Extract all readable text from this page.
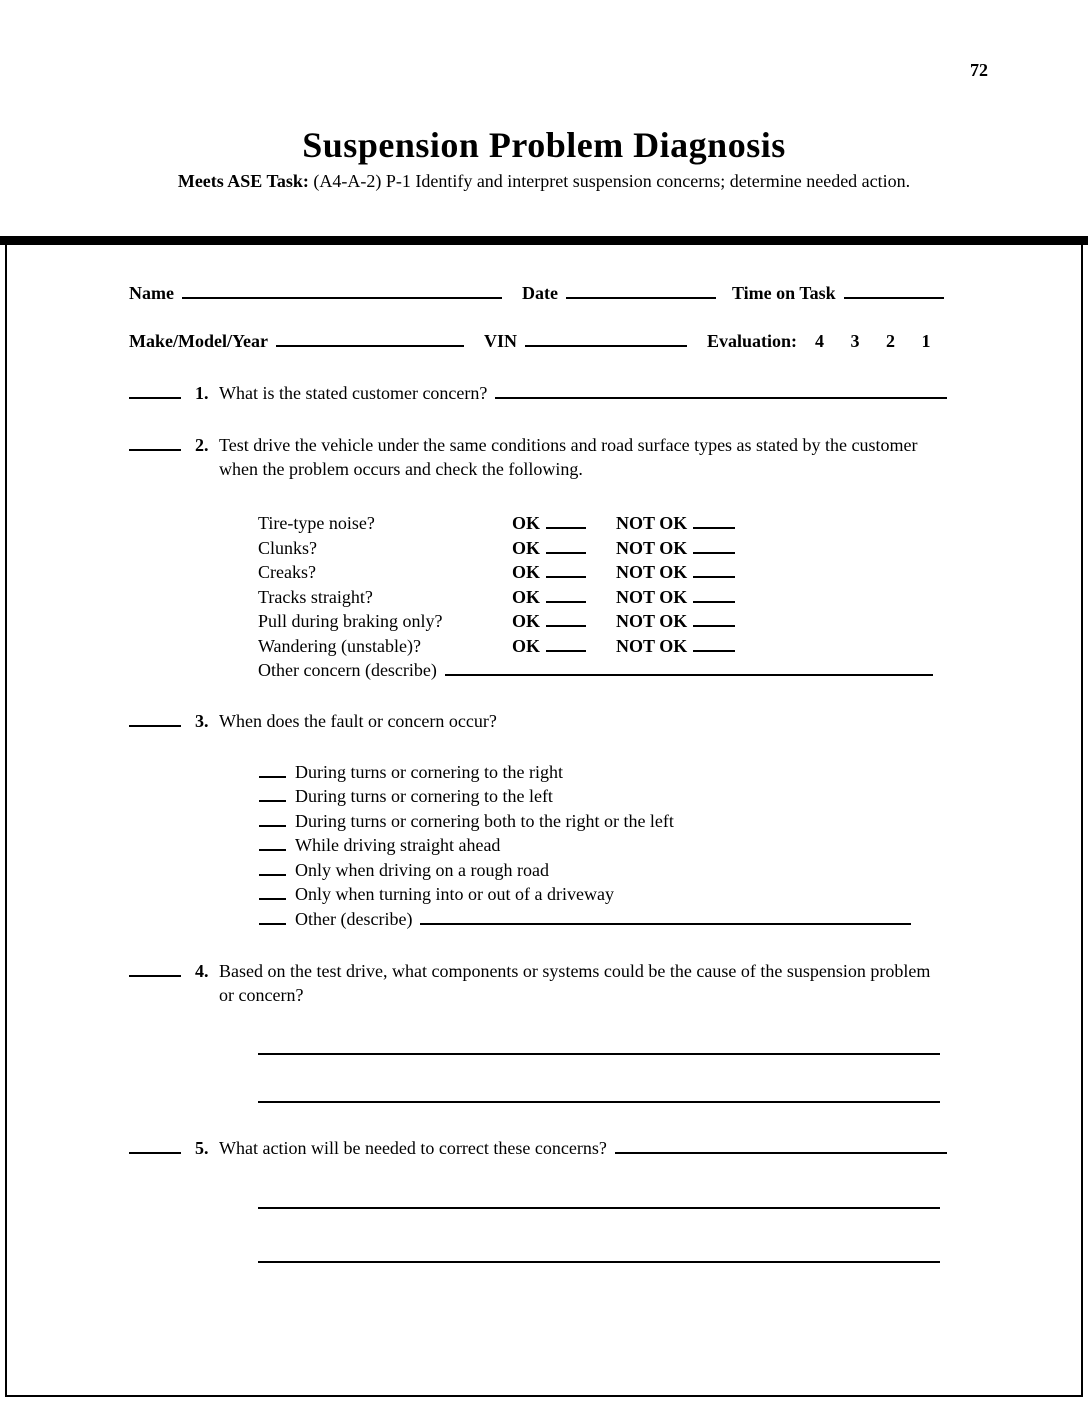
72
Suspension Problem Diagnosis

Meets ASE Task: (A4-A-2) P-1 Identify and interpret suspension concerns; determine needed action.

Name	Date	Time on Task
Make/Model/Year	VIN	Evaluation: 4 3 2 1
1. What is the stated customer concern?
2. Test drive the vehicle under the same conditions and road surface types as stated by the customer when the problem occurs and check the following.
Tire-type noise?	OK	NOT OK
Clunks?	OK	NOT OK
Creaks?	OK	NOT OK
Tracks straight?	OK	NOT OK
Pull during braking only?	OK	NOT OK
Wandering (unstable)?	OK	NOT OK
Other concern (describe)
3. When does the fault or concern occur?
During turns or cornering to the right
During turns or cornering to the left
During turns or cornering both to the right or the left
While driving straight ahead
Only when driving on a rough road
Only when turning into or out of a driveway
Other (describe)
4. Based on the test drive, what components or systems could be the cause of the suspension problem or concern?
5. What action will be needed to correct these concerns?
